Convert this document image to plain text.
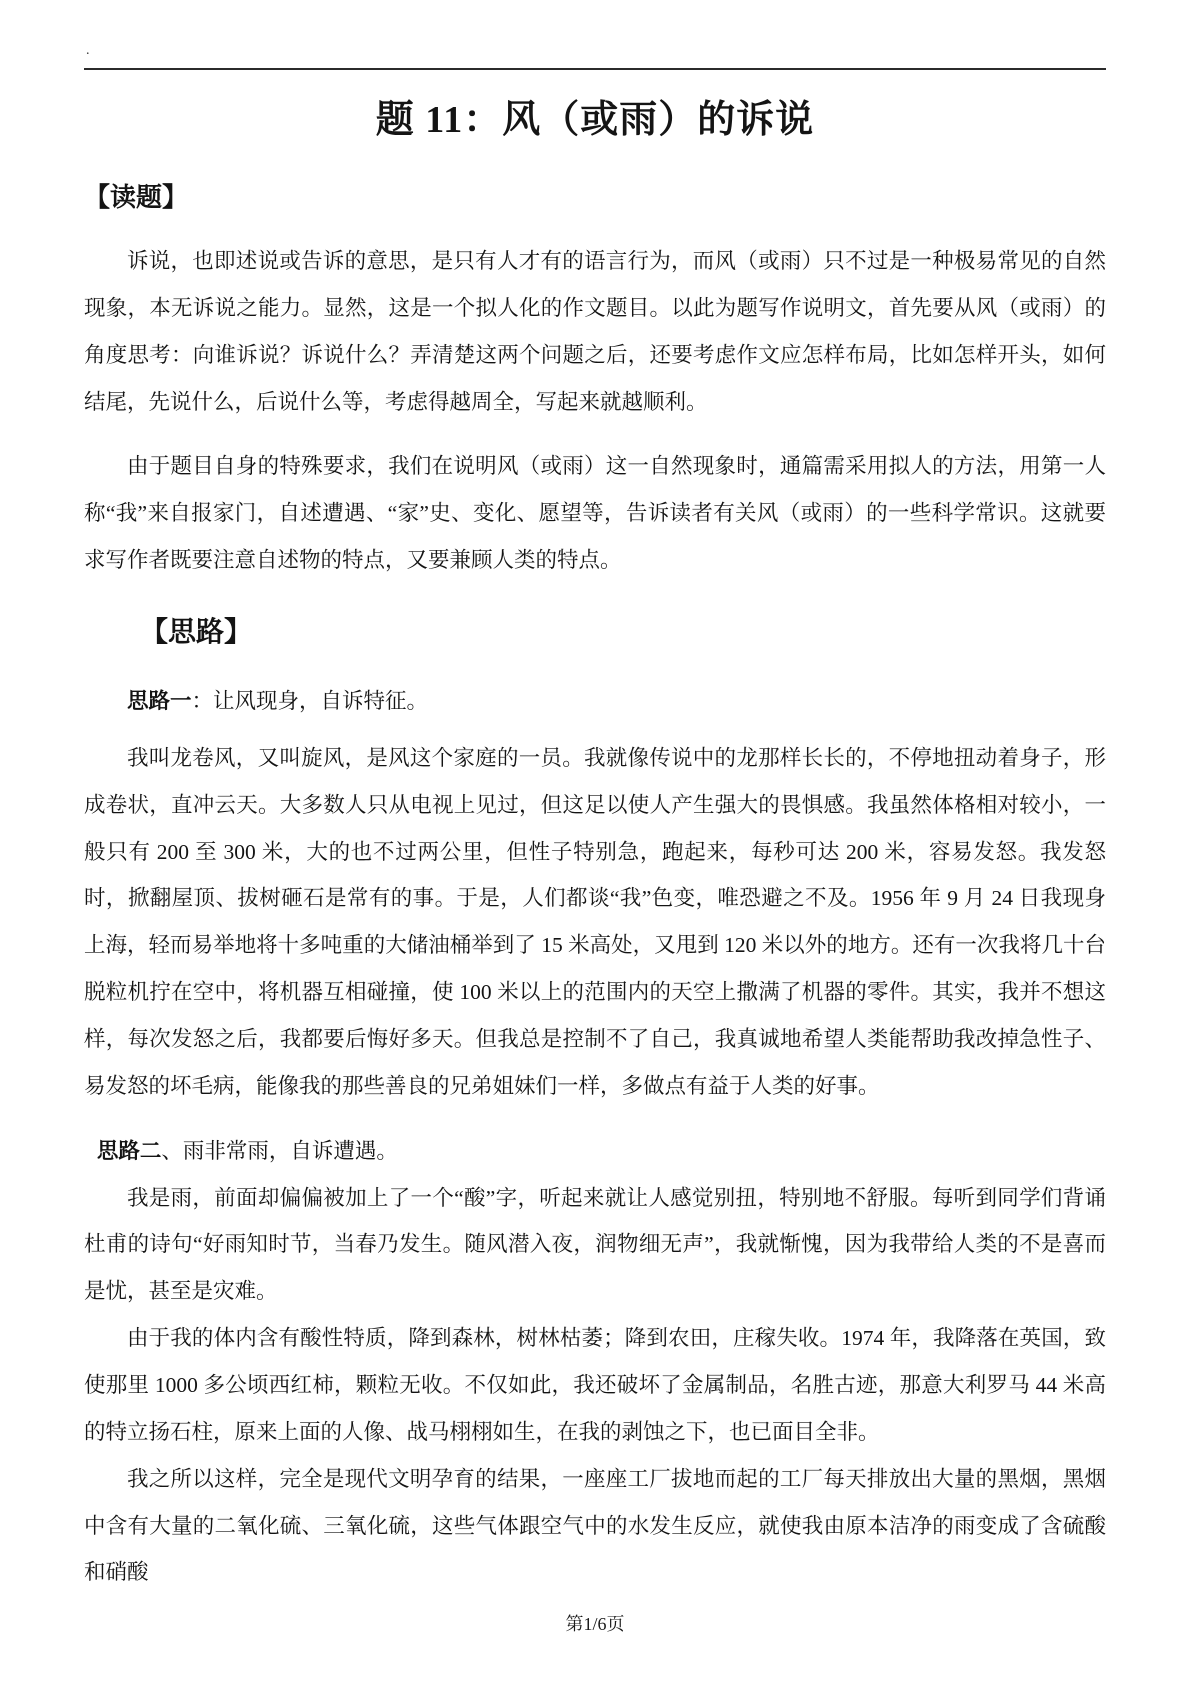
.
题 11：风（或雨）的诉说
【读题】

诉说，也即述说或告诉的意思，是只有人才有的语言行为，而风（或雨）只不过是一种极易常见的自然现象，本无诉说之能力。显然，这是一个拟人化的作文题目。以此为题写作说明文，首先要从风（或雨）的角度思考：向谁诉说？诉说什么？弄清楚这两个问题之后，还要考虑作文应怎样布局，比如怎样开头，如何结尾，先说什么，后说什么等，考虑得越周全，写起来就越顺利。

由于题目自身的特殊要求，我们在说明风（或雨）这一自然现象时，通篇需采用拟人的方法，用第一人称“我”来自报家门，自述遭遇、“家”史、变化、愿望等，告诉读者有关风（或雨）的一些科学常识。这就要求写作者既要注意自述物的特点，又要兼顾人类的特点。

【思路】

思路一：让风现身，自诉特征。

我叫龙卷风，又叫旋风，是风这个家庭的一员。我就像传说中的龙那样长长的，不停地扭动着身子，形成卷状，直冲云天。大多数人只从电视上见过，但这足以使人产生强大的畏惧感。我虽然体格相对较小，一般只有 200 至 300 米，大的也不过两公里，但性子特别急，跑起来，每秒可达 200 米，容易发怒。我发怒时，掀翻屋顶、拔树砸石是常有的事。于是，人们都谈“我”色变，唯恐避之不及。1956 年 9 月 24 日我现身上海，轻而易举地将十多吨重的大储油桶举到了 15 米高处，又甩到 120 米以外的地方。还有一次我将几十台脱粒机拧在空中，将机器互相碰撞，使 100 米以上的范围内的天空上撒满了机器的零件。其实，我并不想这样，每次发怒之后，我都要后悔好多天。但我总是控制不了自己，我真诚地希望人类能帮助我改掉急性子、易发怒的坏毛病，能像我的那些善良的兄弟姐妹们一样，多做点有益于人类的好事。

思路二、雨非常雨，自诉遭遇。

我是雨，前面却偏偏被加上了一个“酸”字，听起来就让人感觉别扭，特别地不舒服。每听到同学们背诵杜甫的诗句“好雨知时节，当春乃发生。随风潜入夜，润物细无声”，我就惭愧，因为我带给人类的不是喜而是忧，甚至是灾难。

由于我的体内含有酸性特质，降到森林，树林枯萎；降到农田，庄稼失收。1974 年，我降落在英国，致使那里 1000 多公顷西红柿，颗粒无收。不仅如此，我还破坏了金属制品，名胜古迹，那意大利罗马 44 米高的特立扬石柱，原来上面的人像、战马栩栩如生，在我的剥蚀之下，也已面目全非。

我之所以这样，完全是现代文明孕育的结果，一座座工厂拔地而起的工厂每天排放出大量的黑烟，黑烟中含有大量的二氧化硫、三氧化硫，这些气体跟空气中的水发生反应，就使我由原本洁净的雨变成了含硫酸和硝酸

第1/6页
